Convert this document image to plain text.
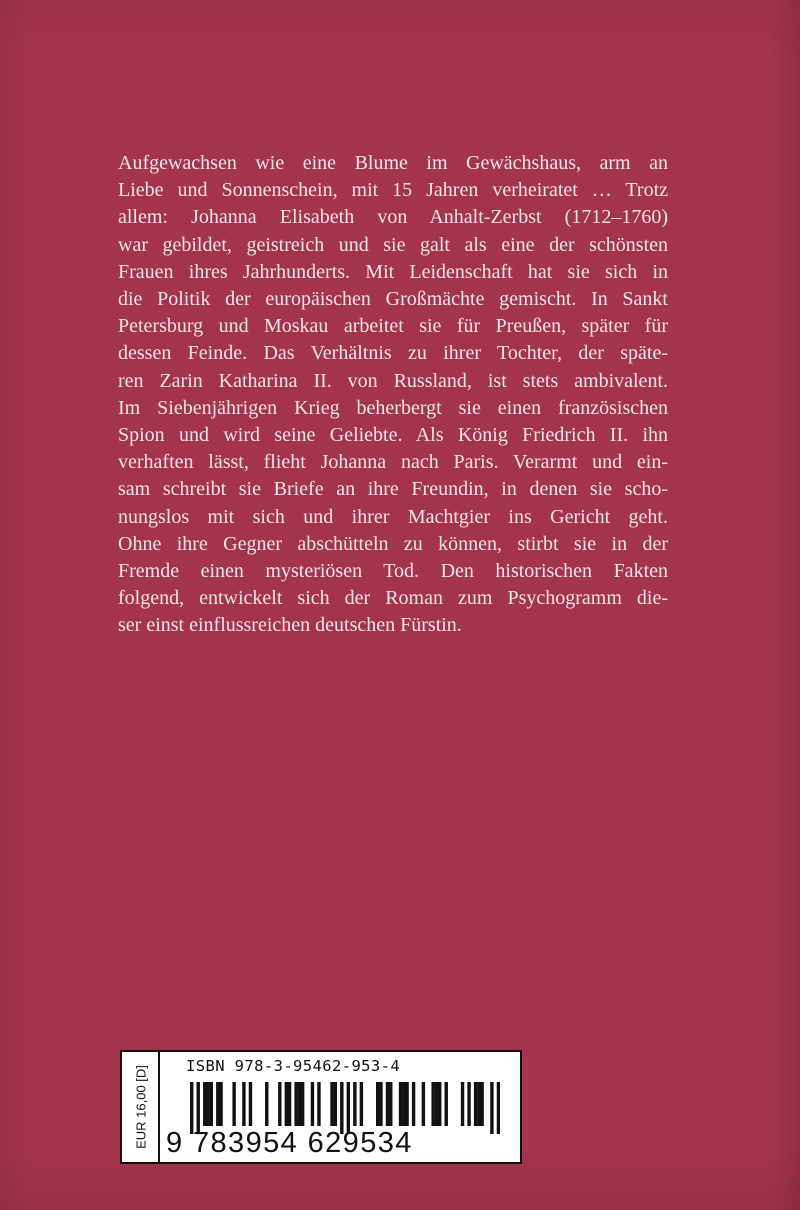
Aufgewachsen wie eine Blume im Gewächshaus, arm an
Liebe und Sonnenschein, mit 15 Jahren verheiratet … Trotz
allem: Johanna Elisabeth von Anhalt-Zerbst (1712–1760)
war gebildet, geistreich und sie galt als eine der schönsten
Frauen ihres Jahrhunderts. Mit Leidenschaft hat sie sich in
die Politik der europäischen Großmächte gemischt. In Sankt
Petersburg und Moskau arbeitet sie für Preußen, später für
dessen Feinde. Das Verhältnis zu ihrer Tochter, der späte-
ren Zarin Katharina II. von Russland, ist stets ambivalent.
Im Siebenjährigen Krieg beherbergt sie einen französischen
Spion und wird seine Geliebte. Als König Friedrich II. ihn
verhaften lässt, flieht Johanna nach Paris. Verarmt und ein-
sam schreibt sie Briefe an ihre Freundin, in denen sie scho-
nungslos mit sich und ihrer Machtgier ins Gericht geht.
Ohne ihre Gegner abschütteln zu können, stirbt sie in der
Fremde einen mysteriösen Tod. Den historischen Fakten
folgend, entwickelt sich der Roman zum Psychogramm die-
ser einst einflussreichen deutschen Fürstin.
EUR 16,00 [D] ISBN 978-3-95462-953-4
9 783954 629534
